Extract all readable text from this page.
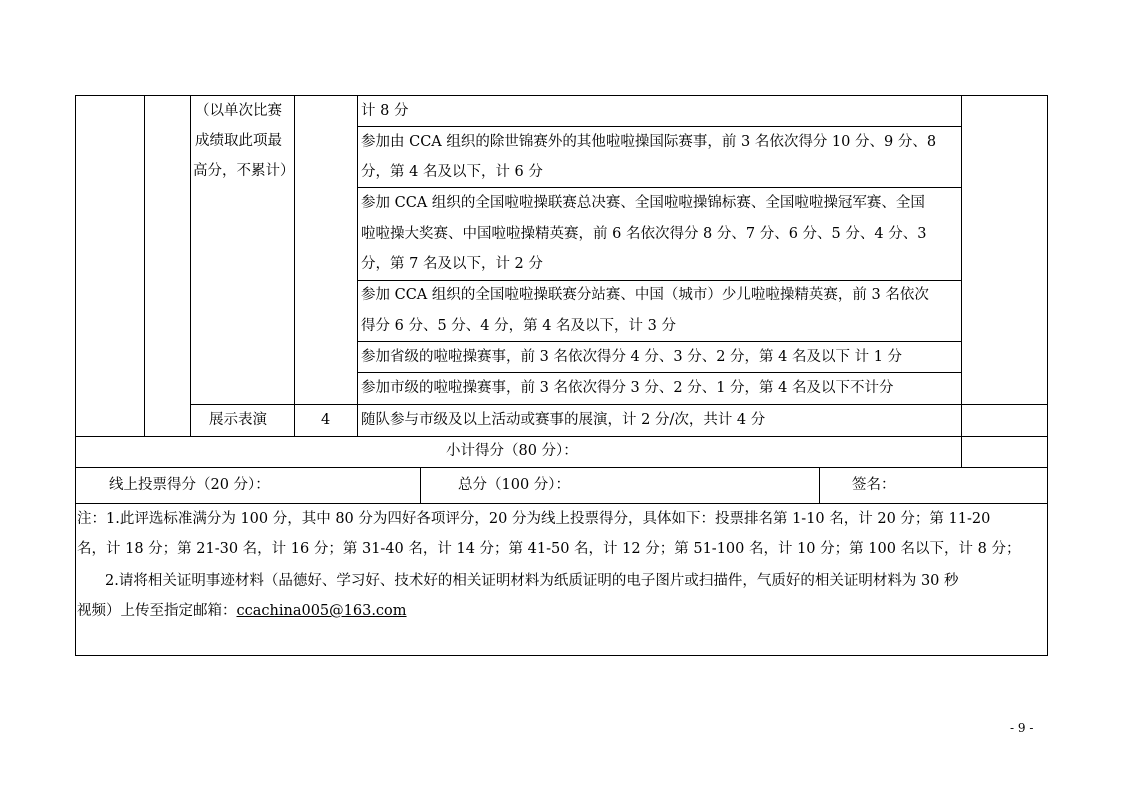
（以单次比赛
成绩取此项最
高分，不累计）
计 8 分
参加由 CCA 组织的除世锦赛外的其他啦啦操国际赛事，前 3 名依次得分 10 分、9 分、8
分，第 4 名及以下，计 6 分
参加 CCA 组织的全国啦啦操联赛总决赛、全国啦啦操锦标赛、全国啦啦操冠军赛、全国
啦啦操大奖赛、中国啦啦操精英赛，前 6 名依次得分 8 分、7 分、6 分、5 分、4 分、3
分，第 7 名及以下，计 2 分
参加 CCA 组织的全国啦啦操联赛分站赛、中国（城市）少儿啦啦操精英赛，前 3 名依次
得分 6 分、5 分、4 分，第 4 名及以下，计 3 分
参加省级的啦啦操赛事，前 3 名依次得分 4 分、3 分、2 分，第 4 名及以下 计 1 分
参加市级的啦啦操赛事，前 3 名依次得分 3 分、2 分、1 分，第 4 名及以下不计分
展示表演	4 随队参与市级及以上活动或赛事的展演，计 2 分/次，共计 4 分
小计得分（80 分）：
线上投票得分（20 分）：	总分（100 分）：	签名：
注：1.此评选标准满分为 100 分，其中 80 分为四好各项评分，20 分为线上投票得分，具体如下：投票排名第 1-10 名，计 20 分；第 11-20
名，计 18 分；第 21-30 名，计 16 分；第 31-40 名，计 14 分；第 41-50 名，计 12 分；第 51-100 名，计 10 分；第 100 名以下，计 8 分；
2.请将相关证明事迹材料（品德好、学习好、技术好的相关证明材料为纸质证明的电子图片或扫描件，气质好的相关证明材料为 30 秒
视频）上传至指定邮箱：ccachina005@163.com
- 9 -
